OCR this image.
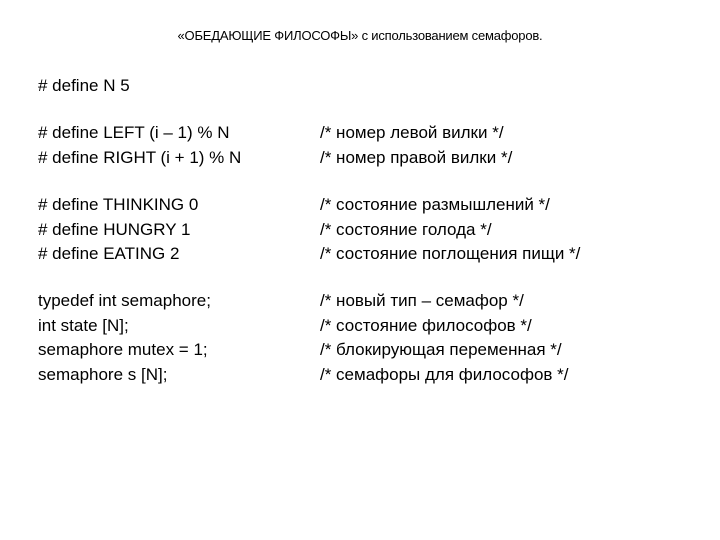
«ОБЕДАЮЩИЕ ФИЛОСОФЫ» с использованием семафоров.
# define N 5
# define LEFT (i – 1) % N	/* номер левой вилки */
# define RIGHT (i + 1) % N	/* номер правой вилки */
# define THINKING 0	/* состояние размышлений */
# define HUNGRY 1	/* состояние голода */
# define EATING 2	/* состояние поглощения пищи */
typedef int semaphore;	/* новый тип – семафор */
int state [N];	/* состояние философов */
semaphore mutex = 1;	/* блокирующая переменная */
semaphore s [N];	/* семафоры для философов */
